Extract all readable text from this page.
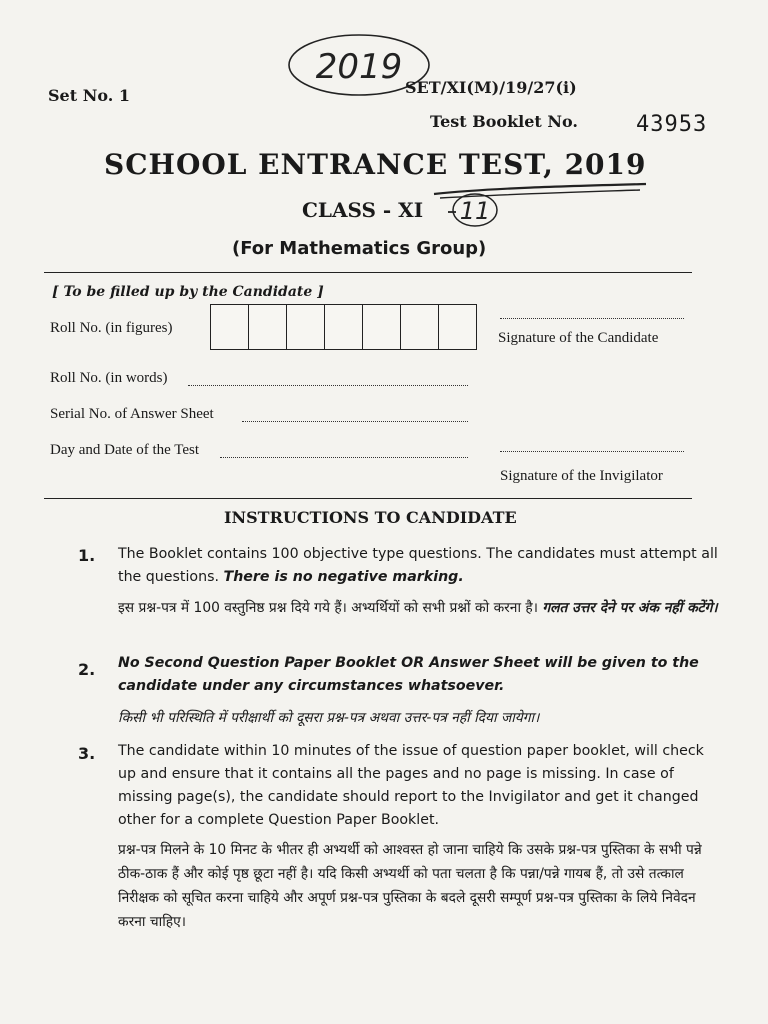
2019
Set No. 1	SET/XI(M)/19/27(i)
Test Booklet No.	43953
SCHOOL ENTRANCE TEST, 2019
CLASS - XI 11
(For Mathematics Group)
[ To be filled up by the Candidate ]
Roll No. (in figures)
Signature of the Candidate
Roll No. (in words)
Serial No. of Answer Sheet
Day and Date of the Test
Signature of the Invigilator
INSTRUCTIONS TO CANDIDATE
1. The Booklet contains 100 objective type questions. The candidates must attempt all the questions. There is no negative marking.
इस प्रश्न-पत्र में 100 वस्तुनिष्ठ प्रश्न दिये गये हैं। अभ्यर्थियों को सभी प्रश्नों को करना है। गलत उत्तर देने पर अंक नहीं कटेंगे।
2. No Second Question Paper Booklet OR Answer Sheet will be given to the candidate under any circumstances whatsoever.
किसी भी परिस्थिति में परीक्षार्थी को दूसरा प्रश्न-पत्र अथवा उत्तर-पत्र नहीं दिया जायेगा।
3. The candidate within 10 minutes of the issue of question paper booklet, will check up and ensure that it contains all the pages and no page is missing. In case of missing page(s), the candidate should report to the Invigilator and get it changed other for a complete Question Paper Booklet.
प्रश्न-पत्र मिलने के 10 मिनट के भीतर ही अभ्यर्थी को आश्वस्त हो जाना चाहिये कि उसके प्रश्न-पत्र पुस्तिका के सभी पन्ने ठीक-ठाक हैं और कोई पृष्ठ छूटा नहीं है। यदि किसी अभ्यर्थी को पता चलता है कि पन्ना/पन्ने गायब हैं, तो उसे तत्काल निरीक्षक को सूचित करना चाहिये और अपूर्ण प्रश्न-पत्र पुस्तिका के बदले दूसरी सम्पूर्ण प्रश्न-पत्र पुस्तिका के लिये निवेदन करना चाहिए।
